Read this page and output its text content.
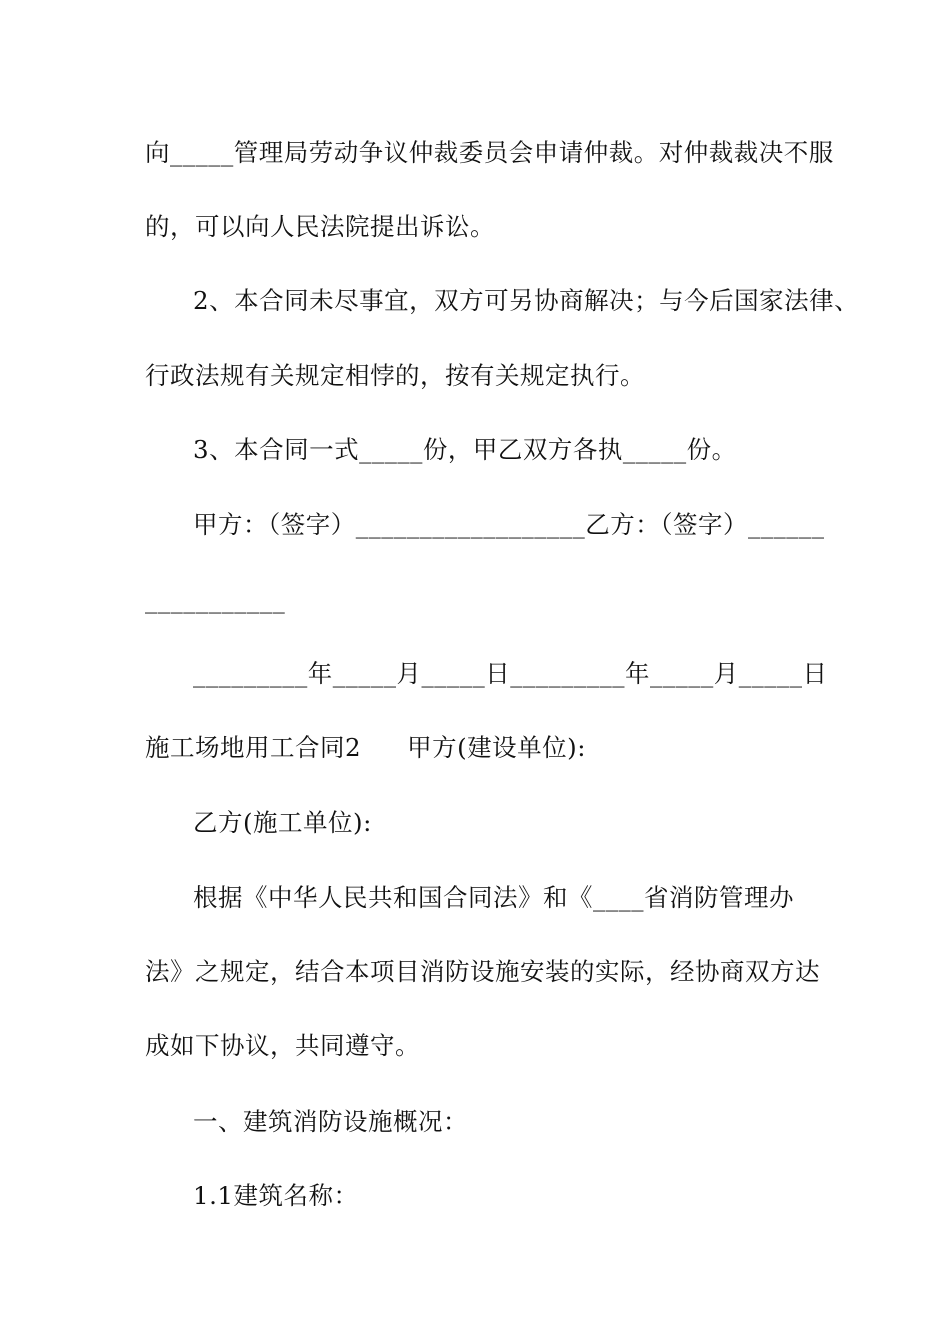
向_____管理局劳动争议仲裁委员会申请仲裁。对仲裁裁决不服
的，可以向人民法院提出诉讼。
2、本合同未尽事宜，双方可另协商解决；与今后国家法律、
行政法规有关规定相悖的，按有关规定执行。
3、本合同一式_____份，甲乙双方各执_____份。
甲方：（签字）__________________乙方：（签字）______
___________
_________年_____月_____日_________年_____月_____日
施工场地用工合同2 甲方(建设单位):
乙方(施工单位):
根据《中华人民共和国合同法》和《____省消防管理办
法》之规定，结合本项目消防设施安装的实际，经协商双方达
成如下协议，共同遵守。
一、建筑消防设施概况：
1.1建筑名称：
